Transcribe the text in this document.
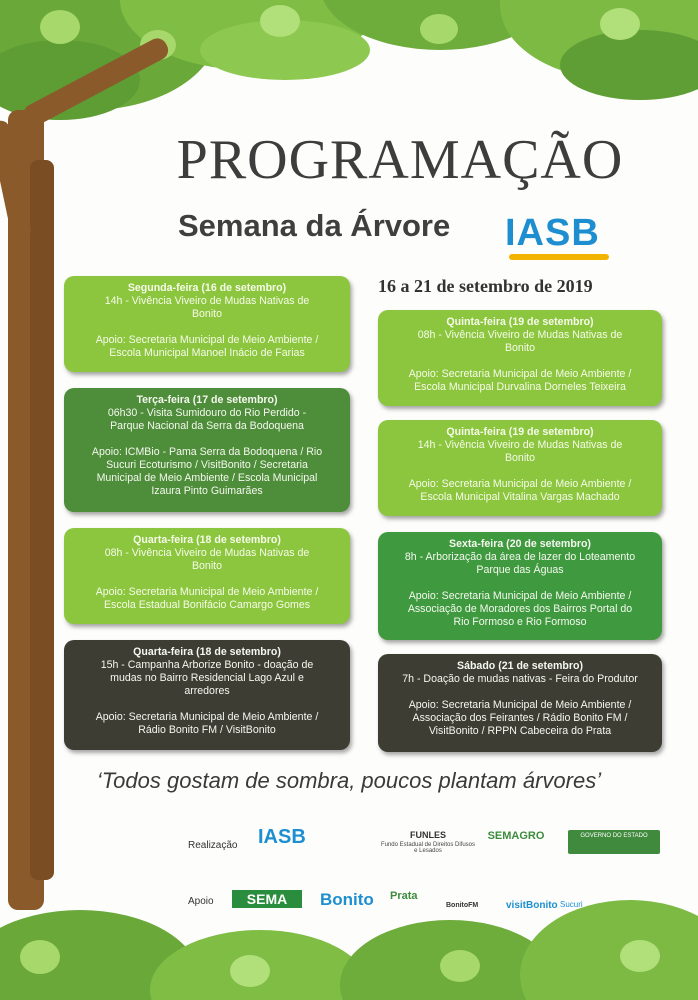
PROGRAMAÇÃO
Semana da Árvore IASB
16 a 21 de setembro de 2019
Segunda-feira (16 de setembro)
14h - Vivência Viveiro de Mudas Nativas de
Bonito
Apoio: Secretaria Municipal de Meio Ambiente /
Escola Municipal Manoel Inácio de Farias
Terça-feira (17 de setembro)
06h30 - Visita Sumidouro do Rio Perdido -
Parque Nacional da Serra da Bodoquena
Apoio: ICMBio - Pama Serra da Bodoquena / Rio
Sucuri Ecoturismo / VisitBonito / Secretaria
Municipal de Meio Ambiente / Escola Municipal
Izaura Pinto Guimarães
Quarta-feira (18 de setembro)
08h - Vivência Viveiro de Mudas Nativas de
Bonito
Apoio: Secretaria Municipal de Meio Ambiente /
Escola Estadual Bonifácio Camargo Gomes
Quarta-feira (18 de setembro)
15h - Campanha Arborize Bonito - doação de
mudas no Bairro Residencial Lago Azul e
arredores
Apoio: Secretaria Municipal de Meio Ambiente /
Rádio Bonito FM / VisitBonito
Quinta-feira (19 de setembro)
08h - Vivência Viveiro de Mudas Nativas de
Bonito
Apoio: Secretaria Municipal de Meio Ambiente /
Escola Municipal Durvalina Dorneles Teixeira
Quinta-feira (19 de setembro)
14h - Vivência Viveiro de Mudas Nativas de
Bonito
Apoio: Secretaria Municipal de Meio Ambiente /
Escola Municipal Vitalina Vargas Machado
Sexta-feira (20 de setembro)
8h - Arborização da área de lazer do Loteamento
Parque das Águas
Apoio: Secretaria Municipal de Meio Ambiente /
Associação de Moradores dos Bairros Portal do
Rio Formoso e Rio Formoso
Sábado (21 de setembro)
7h - Doação de mudas nativas - Feira do Produtor
Apoio: Secretaria Municipal de Meio Ambiente /
Associação dos Feirantes / Rádio Bonito FM /
VisitBonito / RPPN Cabeceira do Prata
‘Todos gostam de sombra, poucos plantam árvores’
Realização IASB	FUNLES
Fundo Estadual de Direitos Difusos e Lesados
SEMAGRO	GOVERNO DO ESTADO
Apoio	SEMA	Bonito Prata
BonitoFM	visitBonito Sucuri
